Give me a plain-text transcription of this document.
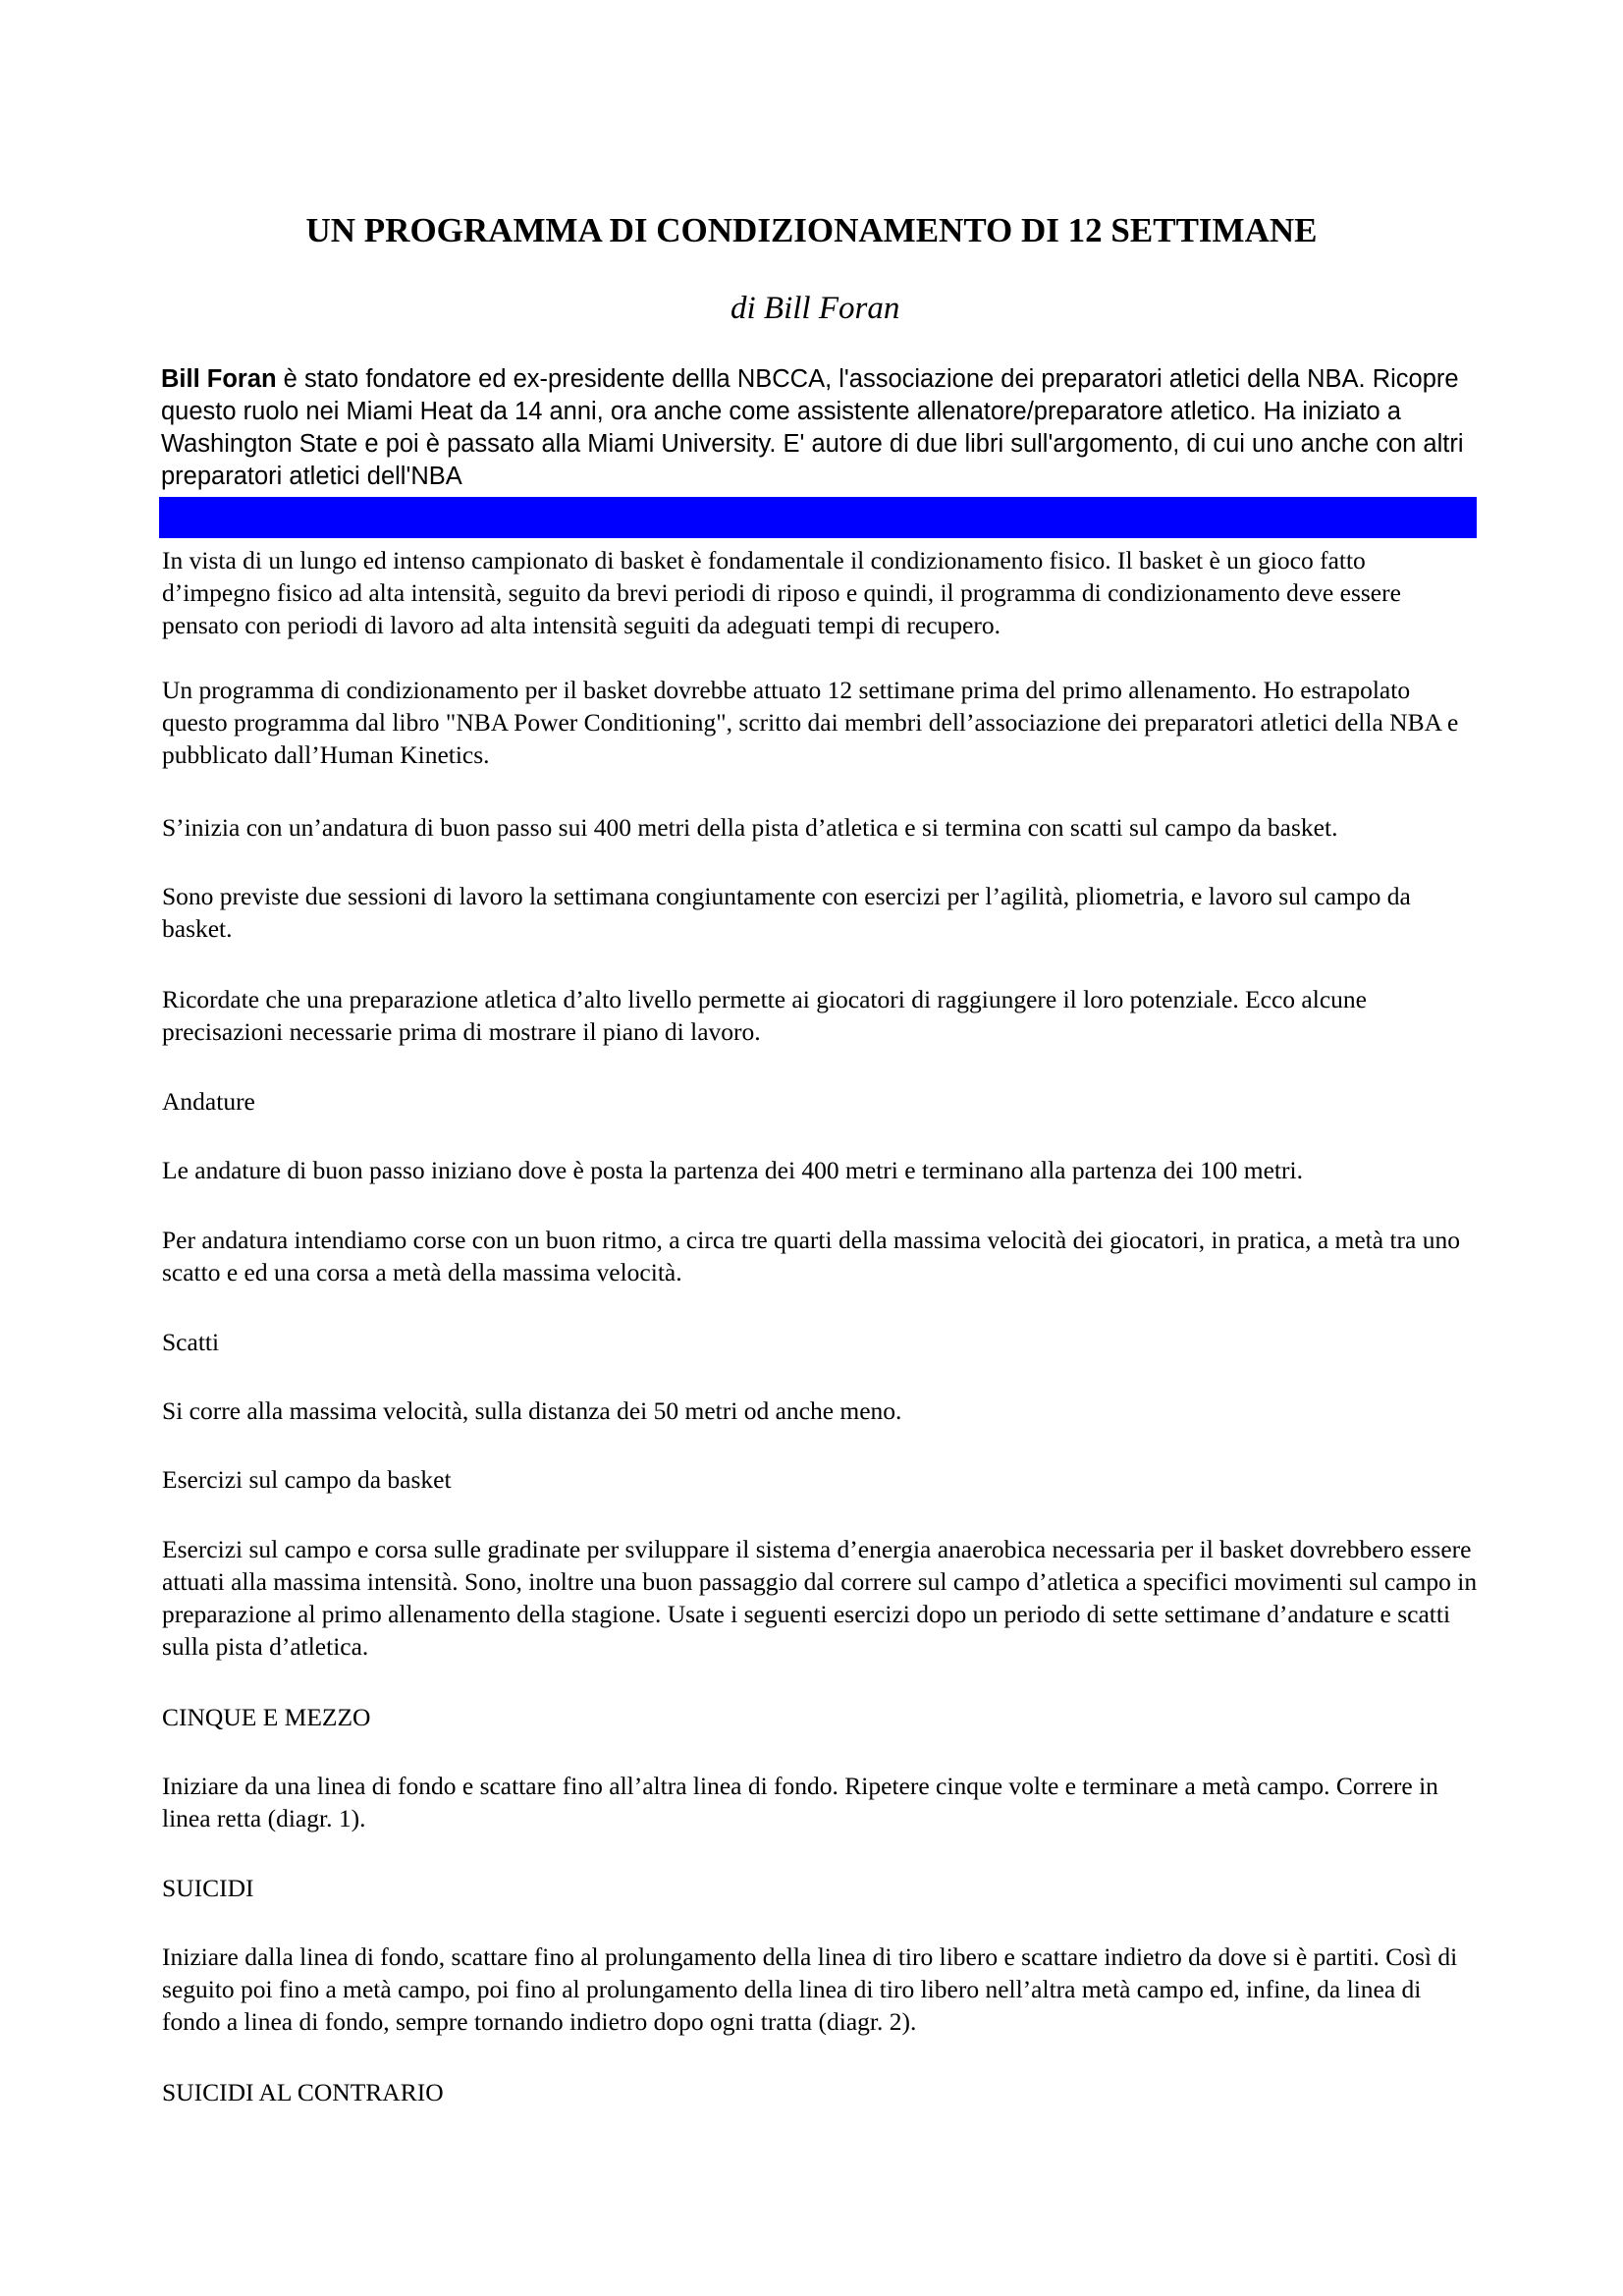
UN PROGRAMMA DI CONDIZIONAMENTO DI 12 SETTIMANE
di Bill Foran

Bill Foran è stato fondatore ed ex-presidente dellla NBCCA, l'associazione dei preparatori atletici della NBA. Ricopre questo ruolo nei Miami Heat da 14 anni, ora anche come assistente allenatore/preparatore atletico. Ha iniziato a Washington State e poi è passato alla Miami University. E' autore di due libri sull'argomento, di cui uno anche con altri preparatori atletici dell'NBA

In vista di un lungo ed intenso campionato di basket è fondamentale il condizionamento fisico. Il basket è un gioco fatto d’impegno fisico ad alta intensità, seguito da brevi periodi di riposo e quindi, il programma di condizionamento deve essere pensato con periodi di lavoro ad alta intensità seguiti da adeguati tempi di recupero.

Un programma di condizionamento per il basket dovrebbe attuato 12 settimane prima del primo allenamento. Ho estrapolato questo programma dal libro "NBA Power Conditioning", scritto dai membri dell’associazione dei preparatori atletici della NBA e pubblicato dall’Human Kinetics.

S’inizia con un’andatura di buon passo sui 400 metri della pista d’atletica e si termina con scatti sul campo da basket.

Sono previste due sessioni di lavoro la settimana congiuntamente con esercizi per l’agilità, pliometria, e lavoro sul campo da basket.

Ricordate che una preparazione atletica d’alto livello permette ai giocatori di raggiungere il loro potenziale. Ecco alcune precisazioni necessarie prima di mostrare il piano di lavoro.

Andature

Le andature di buon passo iniziano dove è posta la partenza dei 400 metri e terminano alla partenza dei 100 metri.

Per andatura intendiamo corse con un buon ritmo, a circa tre quarti della massima velocità dei giocatori, in pratica, a metà tra uno scatto e ed una corsa a metà della massima velocità.

Scatti

Si corre alla massima velocità, sulla distanza dei 50 metri od anche meno.

Esercizi sul campo da basket

Esercizi sul campo e corsa sulle gradinate per sviluppare il sistema d’energia anaerobica necessaria per il basket dovrebbero essere attuati alla massima intensità. Sono, inoltre una buon passaggio dal correre sul campo d’atletica a specifici movimenti sul campo in preparazione al primo allenamento della stagione. Usate i seguenti esercizi dopo un periodo di sette settimane d’andature e scatti sulla pista d’atletica.

CINQUE E MEZZO

Iniziare da una linea di fondo e scattare fino all’altra linea di fondo. Ripetere cinque volte e terminare a metà campo. Correre in linea retta (diagr. 1).

SUICIDI

Iniziare dalla linea di fondo, scattare fino al prolungamento della linea di tiro libero e scattare indietro da dove si è partiti. Così di seguito poi fino a metà campo, poi fino al prolungamento della linea di tiro libero nell’altra metà campo ed, infine, da linea di fondo a linea di fondo, sempre tornando indietro dopo ogni tratta (diagr. 2).

SUICIDI AL CONTRARIO
